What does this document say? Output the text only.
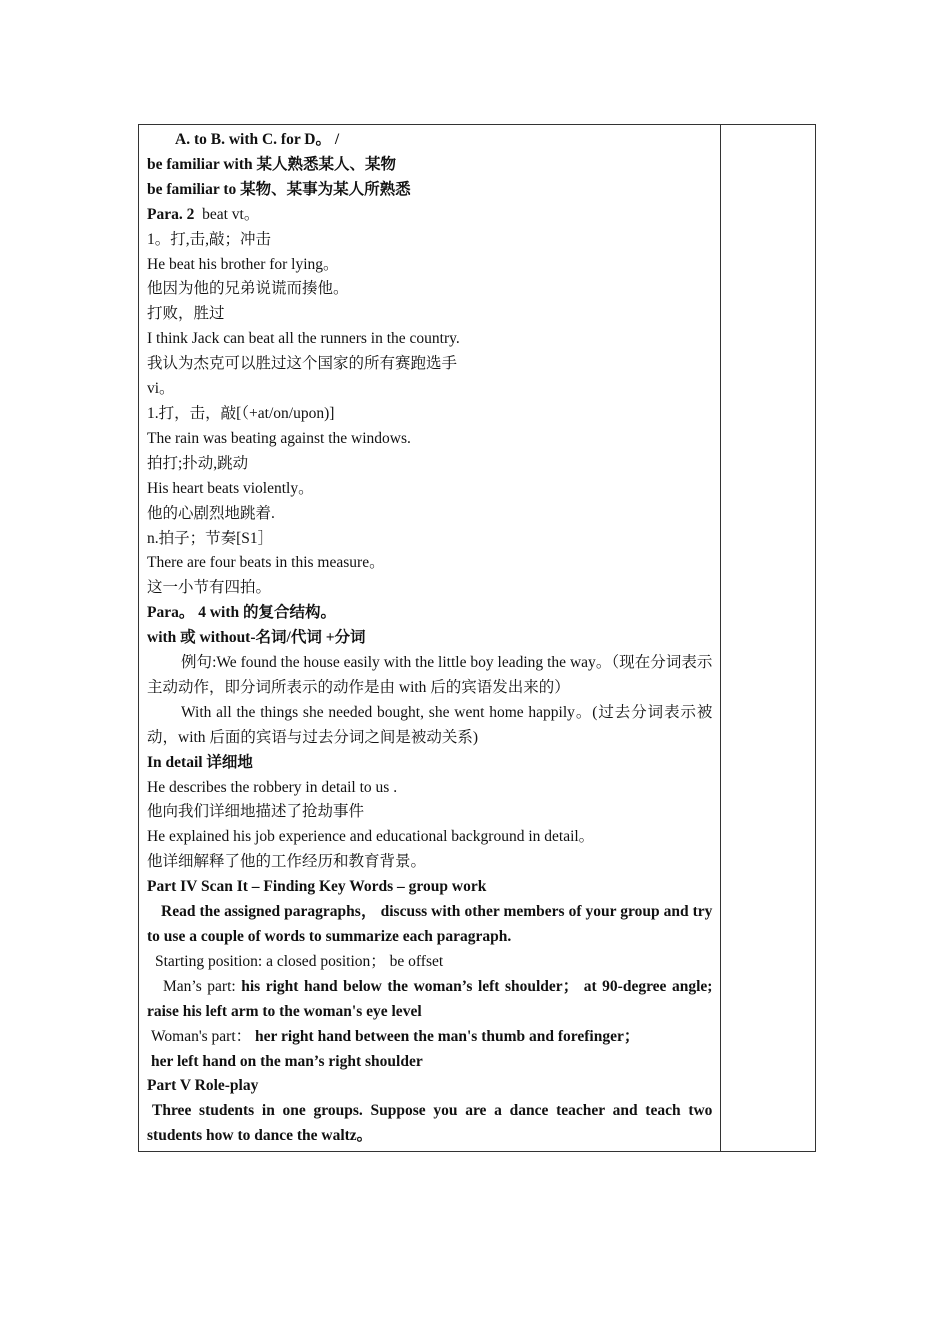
A. to B. with C. for D。 /

be familiar with 某人熟悉某人、某物

be familiar to 某物、某事为某人所熟悉

Para. 2 beat vt。

1。打,击,敲；冲击

He beat his brother for lying。

他因为他的兄弟说谎而揍他。

打败，胜过

I think Jack can beat all the runners in the country.

我认为杰克可以胜过这个国家的所有赛跑选手

vi。

1.打，击，敲[（+at/on/upon)]

The rain was beating against the windows.

拍打;扑动,跳动

His heart beats violently。

他的心剧烈地跳着.

n.拍子；节奏[S1］

There are four beats in this measure。

这一小节有四拍。

Para。 4 with 的复合结构。

with 或 without-名词/代词 +分词

例句:We found the house easily with the little boy leading the way。（现在分词表示主动动作，即分词所表示的动作是由 with 后的宾语发出来的）

With all the things she needed bought, she went home happily。(过去分词表示被动，with 后面的宾语与过去分词之间是被动关系)

In detail 详细地

He describes the robbery in detail to us .

他向我们详细地描述了抢劫事件

He explained his job experience and educational background in detail。

他详细解释了他的工作经历和教育背景。

Part IV Scan It – Finding Key Words – group work

Read the assigned paragraphs， discuss with other members of your group and try to use a couple of words to summarize each paragraph.

Starting position: a closed position； be offset

Man’s part: his right hand below the woman’s left shoulder； at 90-degree angle; raise his left arm to the woman's eye level

Woman's part： her right hand between the man's thumb and forefinger；

her left hand on the man’s right shoulder

Part V Role-play

Three students in one groups. Suppose you are a dance teacher and teach two students how to dance the waltz。
